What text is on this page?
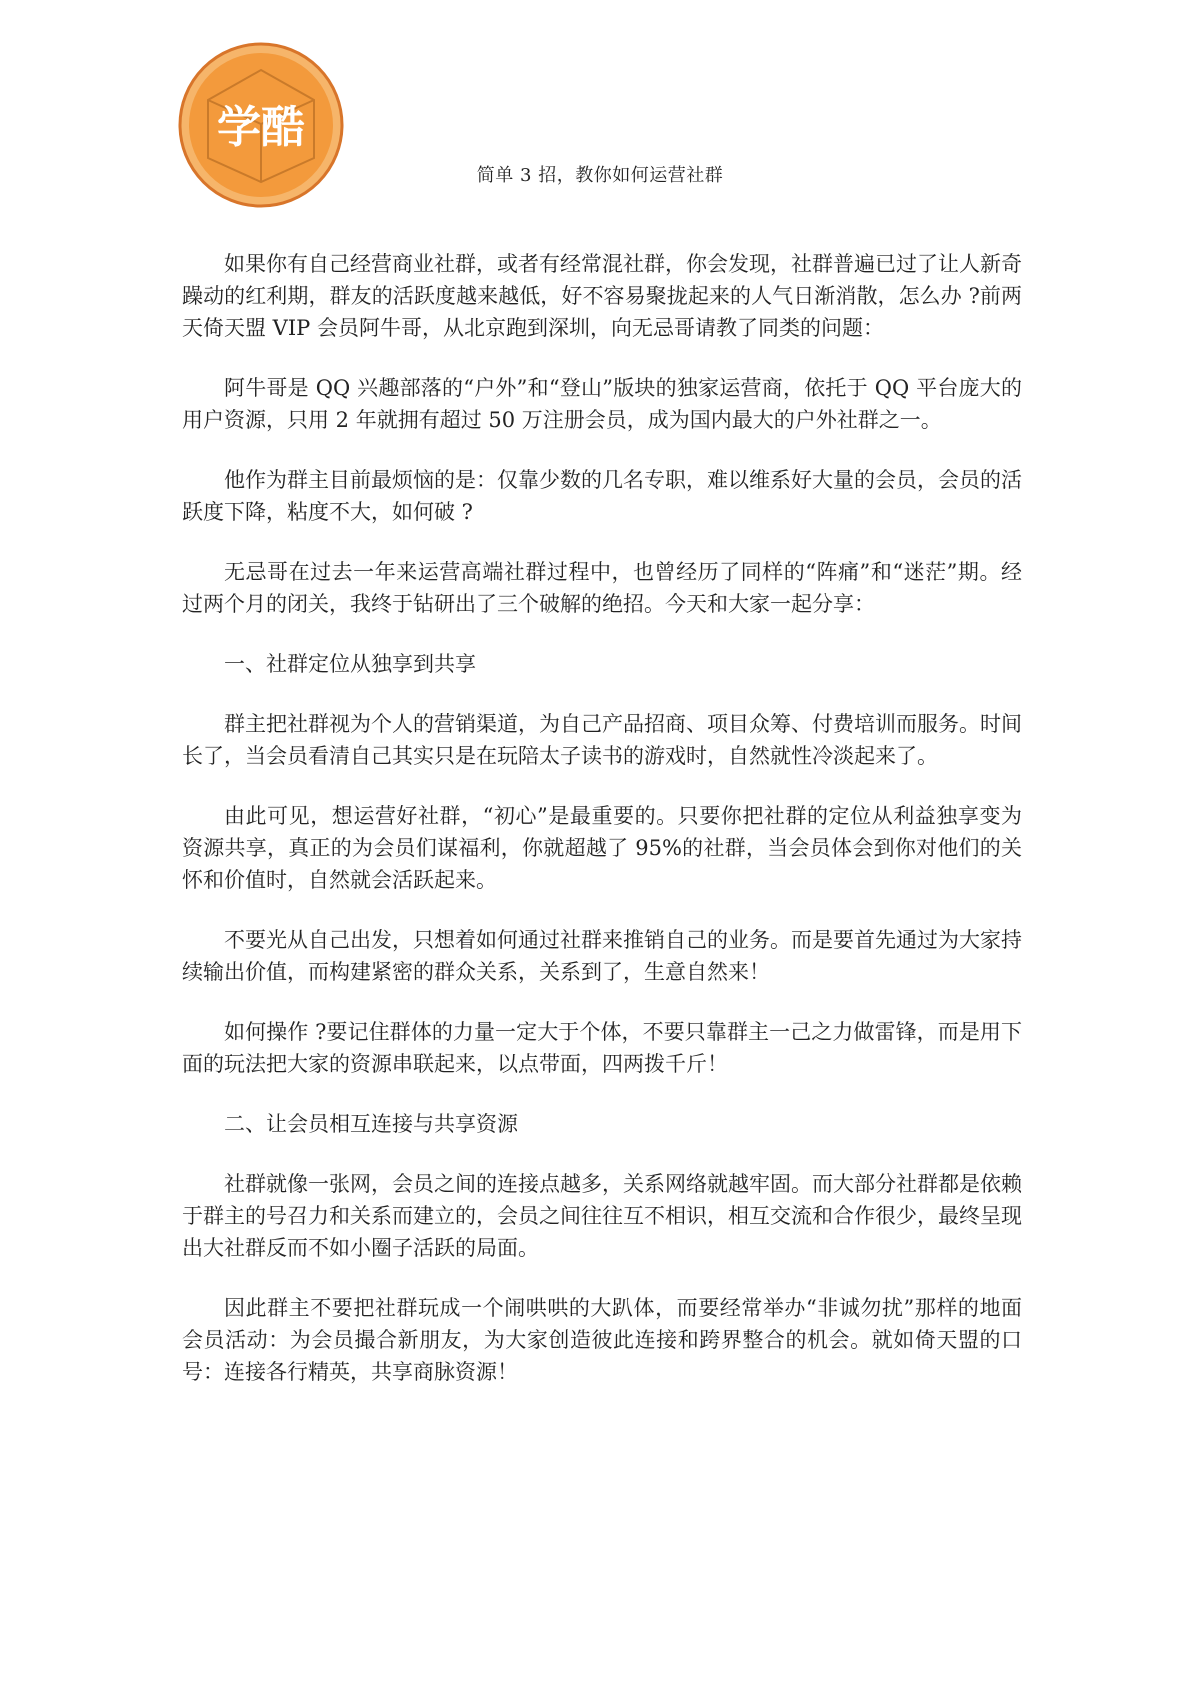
学酷
简单 3 招，教你如何运营社群

如果你有自己经营商业社群，或者有经常混社群，你会发现，社群普遍已过了让人新奇躁动的红利期，群友的活跃度越来越低，好不容易聚拢起来的人气日渐消散，怎么办 ?前两天倚天盟 VIP 会员阿牛哥，从北京跑到深圳，向无忌哥请教了同类的问题：

阿牛哥是 QQ 兴趣部落的“户外”和“登山”版块的独家运营商，依托于 QQ 平台庞大的用户资源，只用 2 年就拥有超过 50 万注册会员，成为国内最大的户外社群之一。

他作为群主目前最烦恼的是：仅靠少数的几名专职，难以维系好大量的会员，会员的活跃度下降，粘度不大，如何破 ?

无忌哥在过去一年来运营高端社群过程中，也曾经历了同样的“阵痛”和“迷茫”期。经过两个月的闭关，我终于钻研出了三个破解的绝招。今天和大家一起分享：

一、社群定位从独享到共享

群主把社群视为个人的营销渠道，为自己产品招商、项目众筹、付费培训而服务。时间长了，当会员看清自己其实只是在玩陪太子读书的游戏时，自然就性冷淡起来了。

由此可见，想运营好社群，“初心”是最重要的。只要你把社群的定位从利益独享变为资源共享，真正的为会员们谋福利，你就超越了 95%的社群，当会员体会到你对他们的关怀和价值时，自然就会活跃起来。

不要光从自己出发，只想着如何通过社群来推销自己的业务。而是要首先通过为大家持续输出价值，而构建紧密的群众关系，关系到了，生意自然来！

如何操作 ?要记住群体的力量一定大于个体，不要只靠群主一己之力做雷锋，而是用下面的玩法把大家的资源串联起来，以点带面，四两拨千斤！

二、让会员相互连接与共享资源

社群就像一张网，会员之间的连接点越多，关系网络就越牢固。而大部分社群都是依赖于群主的号召力和关系而建立的，会员之间往往互不相识，相互交流和合作很少，最终呈现出大社群反而不如小圈子活跃的局面。

因此群主不要把社群玩成一个闹哄哄的大趴体，而要经常举办“非诚勿扰”那样的地面会员活动：为会员撮合新朋友，为大家创造彼此连接和跨界整合的机会。就如倚天盟的口号：连接各行精英，共享商脉资源！
